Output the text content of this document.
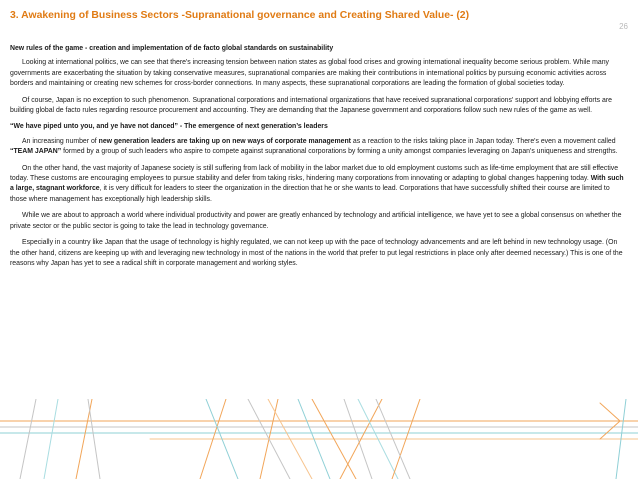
3. Awakening of Business Sectors -Supranational governance and Creating Shared Value- (2)
26
New rules of the game - creation and implementation of de facto global standards on sustainability

Looking at international politics, we can see that there's increasing tension between nation states as global food crises and growing international inequality become serious problem. While many governments are exacerbating the situation by taking conservative measures, supranational companies are making their contributions in international politics by pursuing economic activities across borders and maintaining or creating new schemes for cross-border connections. In many aspects, these supranational corporations are leading the formation of global societies today.

Of course, Japan is no exception to such phenomenon. Supranational corporations and international organizations that have received supranational corporations' support and lobbying efforts are building global de facto rules regarding resource procurement and accounting. They are demanding that the Japanese government and corporations follow such new rules of the game as well.

“We have piped unto you, and ye have not danced” - The emergence of next generation’s leaders

An increasing number of new generation leaders are taking up on new ways of corporate management as a reaction to the risks taking place in Japan today. There's even a movement called “TEAM JAPAN” formed by a group of such leaders who aspire to compete against supranational corporations by forming a unity amongst companies leveraging on Japan's uniqueness and strengths.

On the other hand, the vast majority of Japanese society is still suffering from lack of mobility in the labor market due to old employment customs such as life-time employment that are still effective today. These customs are encouraging employees to pursue stability and defer from taking risks, hindering many corporations from innovating or adapting to global changes happening today. With such a large, stagnant workforce, it is very difficult for leaders to steer the organization in the direction that he or she wants to lead. Corporations that have successfully shifted their course are limited to those where management has exceptionally high leadership skills.

While we are about to approach a world where individual productivity and power are greatly enhanced by technology and artificial intelligence, we have yet to see a global consensus on whether the private sector or the public sector is going to take the lead in technology governance.

Especially in a country like Japan that the usage of technology is highly regulated, we can not keep up with the pace of technology advancements and are left behind in new technology usage. (On the other hand, citizens are keeping up with and leveraging new technology in most of the nations in the world that prefer to put legal restrictions in place only after deemed necessary.) This is one of the reasons why Japan has yet to see a radical shift in corporate management and working styles.
